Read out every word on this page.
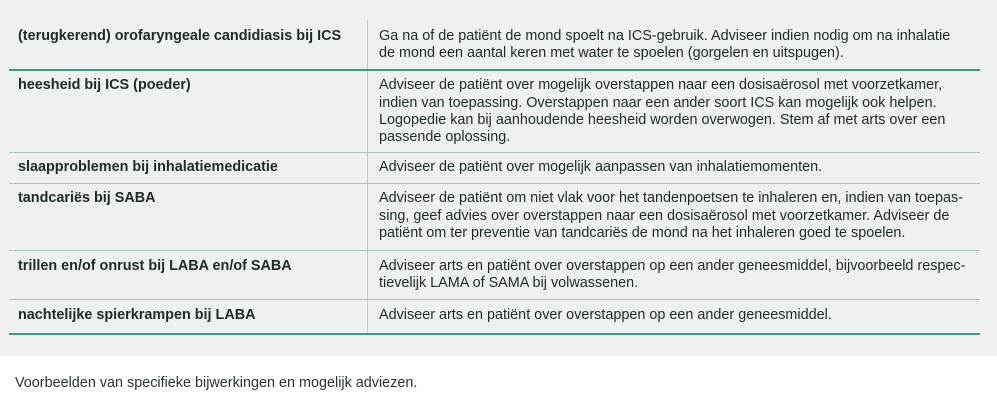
(terugkerend) orofaryngeale candidiasis bij ICS	Ga na of de patiënt de mond spoelt na ICS-gebruik. Adviseer indien nodig om na inhalatie de mond een aantal keren met water te spoelen (gorgelen en uitspugen).
heesheid bij ICS (poeder)	Adviseer de patiënt over mogelijk overstappen naar een dosisaërosol met voorzetkamer, indien van toepassing. Overstappen naar een ander soort ICS kan mogelijk ook helpen. Logopedie kan bij aanhoudende heesheid worden overwogen. Stem af met arts over een passende oplossing.
slaapproblemen bij inhalatiemedicatie	Adviseer de patiënt over mogelijk aanpassen van inhalatiemomenten.
tandcariës bij SABA	Adviseer de patiënt om niet vlak voor het tandenpoetsen te inhaleren en, indien van toepassing, geef advies over overstappen naar een dosisaërosol met voorzetkamer. Adviseer de patiënt om ter preventie van tandcariës de mond na het inhaleren goed te spoelen.
trillen en/of onrust bij LABA en/of SABA	Adviseer arts en patiënt over overstappen op een ander geneesmiddel, bijvoorbeeld respectievelijk LAMA of SAMA bij volwassenen.
nachtelijke spierkrampen bij LABA	Adviseer arts en patiënt over overstappen op een ander geneesmiddel.
Voorbeelden van specifieke bijwerkingen en mogelijk adviezen.
